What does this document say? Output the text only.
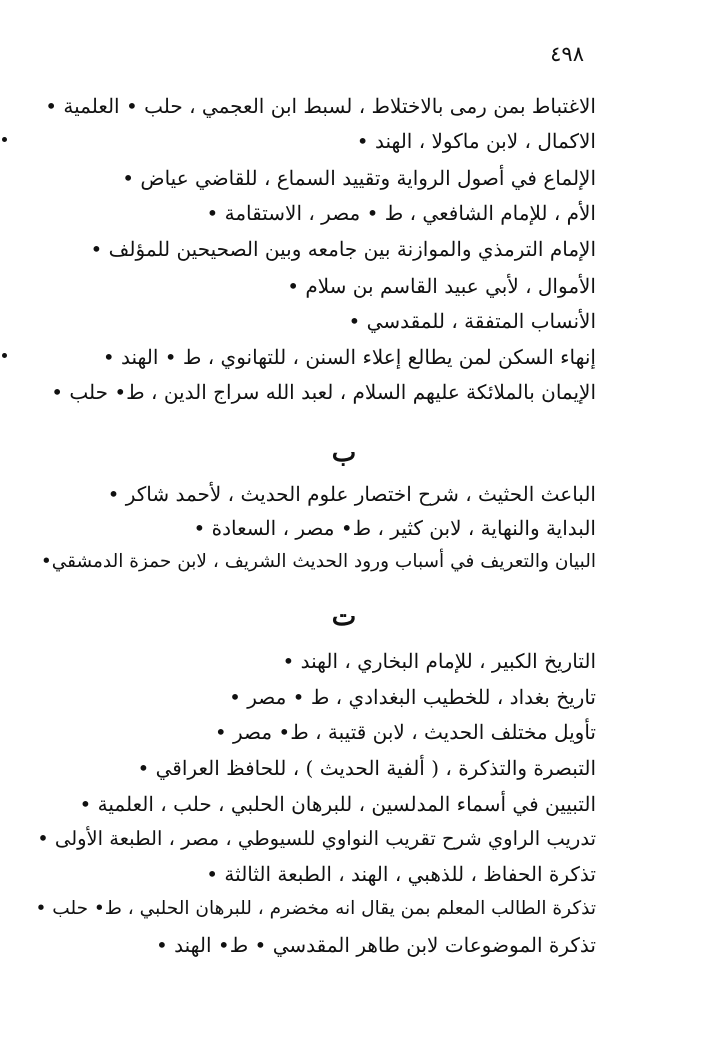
٤٩٨
الاغتباط بمن رمى بالاختلاط ، لسبط ابن العجمي ، حلب • العلمية •
الاكمال ، لابن ماكولا ، الهند •
الإلماع في أصول الرواية وتقييد السماع ، للقاضي عياض •
الأم ، للإمام الشافعي ، ط • مصر ، الاستقامة •
الإمام الترمذي والموازنة بين جامعه وبين الصحيحين للمؤلف •
الأموال ، لأبي عبيد القاسم بن سلام •
الأنساب المتفقة ، للمقدسي •
إنهاء السكن لمن يطالع إعلاء السنن ، للتهانوي ، ط • الهند •
الإيمان بالملائكة عليهم السلام ، لعبد الله سراج الدين ، ط• حلب •
ب
الباعث الحثيث ، شرح اختصار علوم الحديث ، لأحمد شاكر •
البداية والنهاية ، لابن كثير ، ط• مصر ، السعادة •
البيان والتعريف في أسباب ورود الحديث الشريف ، لابن حمزة الدمشقي•
ت
التاريخ الكبير ، للإمام البخاري ، الهند •
تاريخ بغداد ، للخطيب البغدادي ، ط • مصر •
تأويل مختلف الحديث ، لابن قتيبة ، ط• مصر •
التبصرة والتذكرة ، ( ألفية الحديث ) ، للحافظ العراقي •
التبيين في أسماء المدلسين ، للبرهان الحلبي ، حلب ، العلمية •
تدريب الراوي شرح تقريب النواوي للسيوطي ، مصر ، الطبعة الأولى •
تذكرة الحفاظ ، للذهبي ، الهند ، الطبعة الثالثة •
تذكرة الطالب المعلم بمن يقال انه مخضرم ، للبرهان الحلبي ، ط• حلب •
تذكرة الموضوعات لابن طاهر المقدسي • ط• الهند •
